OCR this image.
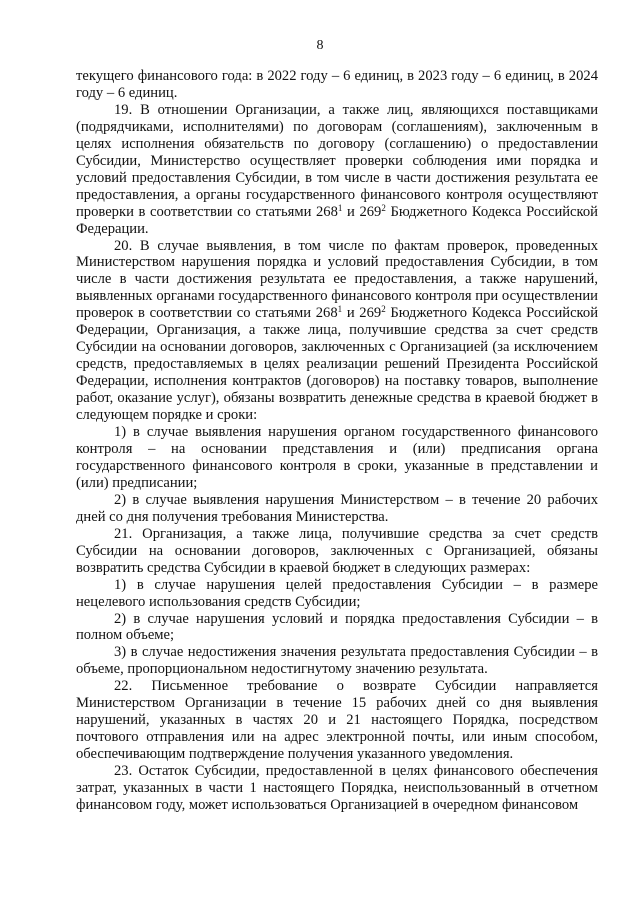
8

текущего финансового года: в 2022 году – 6 единиц, в 2023 году – 6 единиц, в 2024 году – 6 единиц.

19. В отношении Организации, а также лиц, являющихся поставщиками (подрядчиками, исполнителями) по договорам (соглашениям), заключенным в целях исполнения обязательств по договору (соглашению) о предоставлении Субсидии, Министерство осуществляет проверки соблюдения ими порядка и условий предоставления Субсидии, в том числе в части достижения результата ее предоставления, а органы государственного финансового контроля осуществляют проверки в соответствии со статьями $268^1$ и $269^2$ Бюджетного Кодекса Российской Федерации.

20. В случае выявления, в том числе по фактам проверок, проведенных Министерством нарушения порядка и условий предоставления Субсидии, в том числе в части достижения результата ее предоставления, а также нарушений, выявленных органами государственного финансового контроля при осуществлении проверок в соответствии со статьями $268^1$ и $269^2$ Бюджетного Кодекса Российской Федерации, Организация, а также лица, получившие средства за счет средств Субсидии на основании договоров, заключенных с Организацией (за исключением средств, предоставляемых в целях реализации решений Президента Российской Федерации, исполнения контрактов (договоров) на поставку товаров, выполнение работ, оказание услуг), обязаны возвратить денежные средства в краевой бюджет в следующем порядке и сроки:

1) в случае выявления нарушения органом государственного финансового контроля – на основании представления и (или) предписания органа государственного финансового контроля в сроки, указанные в представлении и (или) предписании;

2) в случае выявления нарушения Министерством – в течение 20 рабочих дней со дня получения требования Министерства.

21. Организация, а также лица, получившие средства за счет средств Субсидии на основании договоров, заключенных с Организацией, обязаны возвратить средства Субсидии в краевой бюджет в следующих размерах:

1) в случае нарушения целей предоставления Субсидии – в размере нецелевого использования средств Субсидии;

2) в случае нарушения условий и порядка предоставления Субсидии – в полном объеме;

3) в случае недостижения значения результата предоставления Субсидии – в объеме, пропорциональном недостигнутому значению результата.

22. Письменное требование о возврате Субсидии направляется Министерством Организации в течение 15 рабочих дней со дня выявления нарушений, указанных в частях 20 и 21 настоящего Порядка, посредством почтового отправления или на адрес электронной почты, или иным способом, обеспечивающим подтверждение получения указанного уведомления.

23. Остаток Субсидии, предоставленной в целях финансового обеспечения затрат, указанных в части 1 настоящего Порядка, неиспользованный в отчетном финансовом году, может использоваться Организацией в очередном финансовом
